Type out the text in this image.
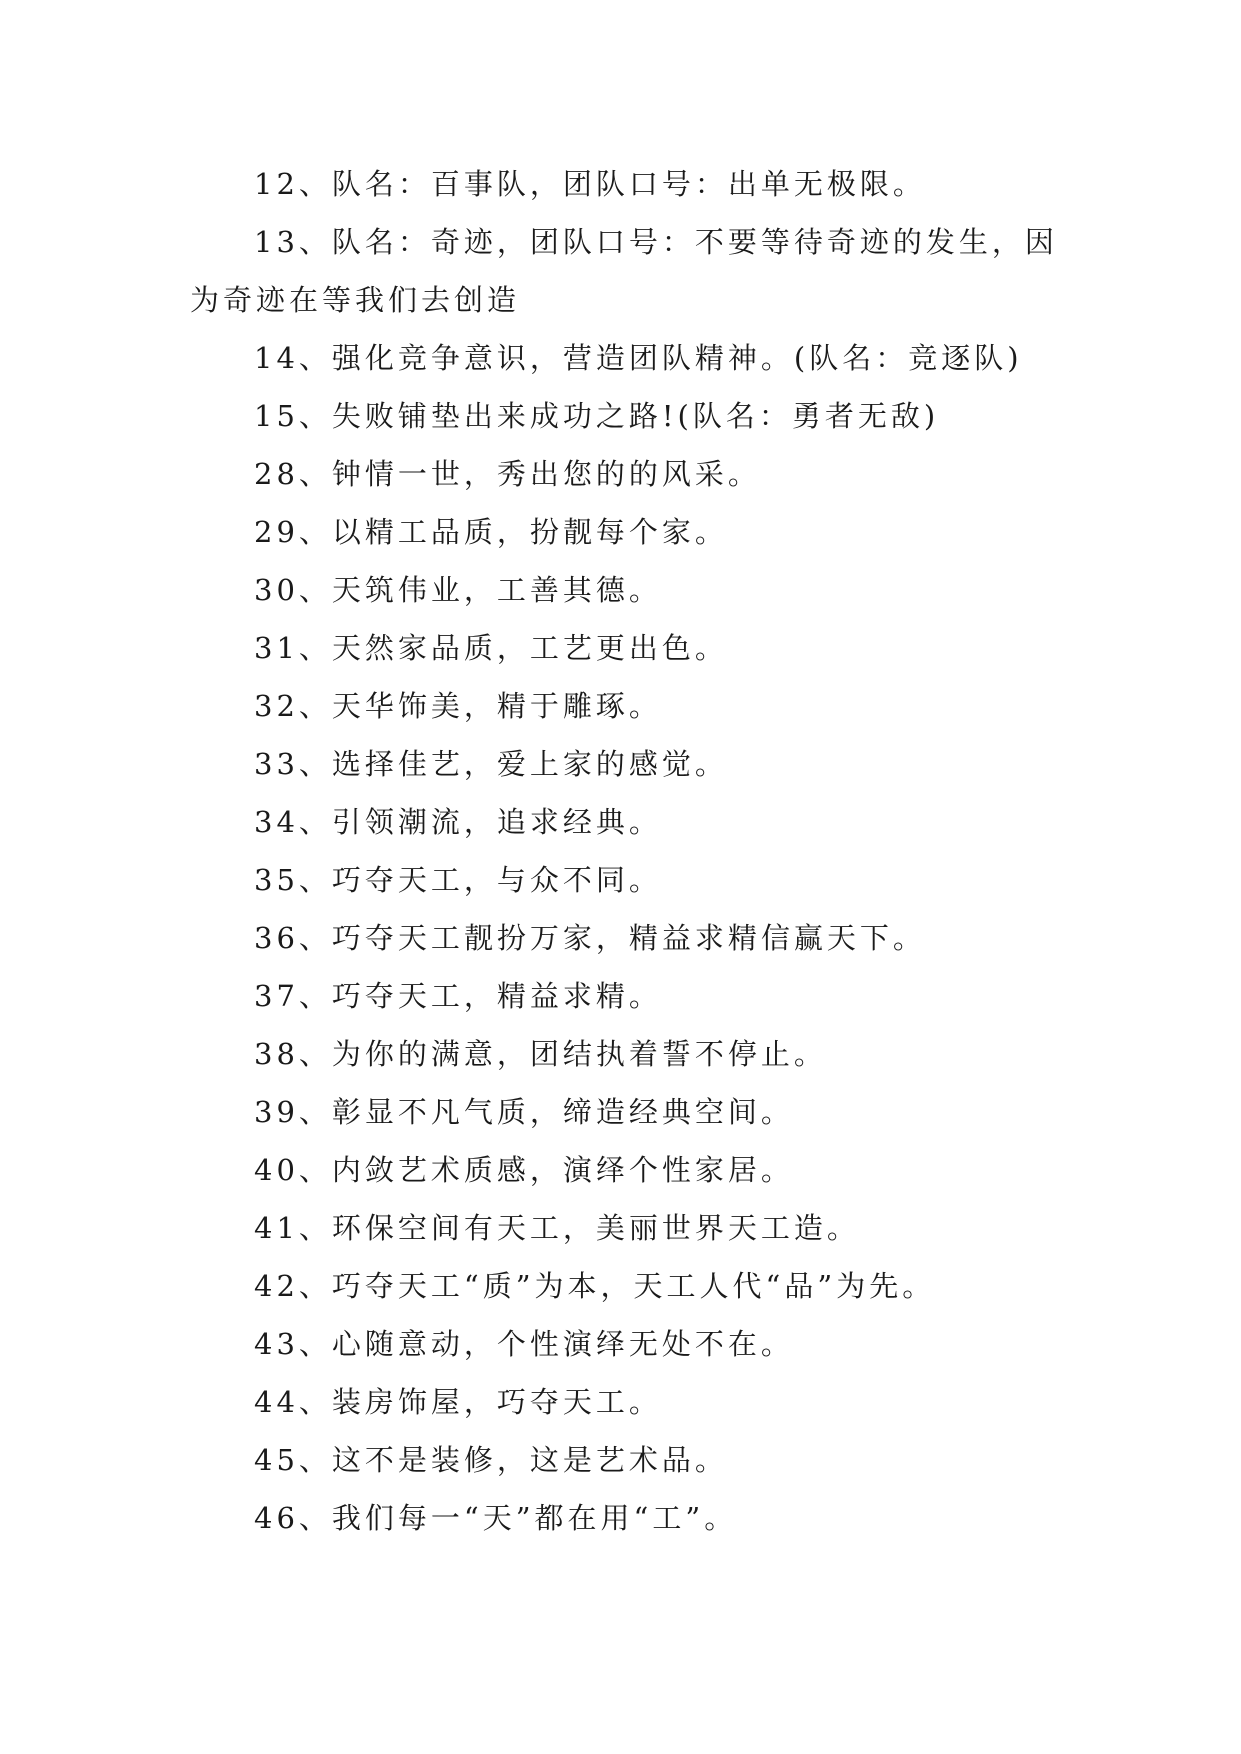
12、队名：百事队，团队口号：出单无极限。
13、队名：奇迹，团队口号：不要等待奇迹的发生，因
为奇迹在等我们去创造
14、强化竞争意识，营造团队精神。(队名：竞逐队)
15、失败铺垫出来成功之路!(队名：勇者无敌)
28、钟情一世，秀出您的的风采。
29、以精工品质，扮靓每个家。
30、天筑伟业，工善其德。
31、天然家品质，工艺更出色。
32、天华饰美，精于雕琢。
33、选择佳艺，爱上家的感觉。
34、引领潮流，追求经典。
35、巧夺天工，与众不同。
36、巧夺天工靓扮万家，精益求精信赢天下。
37、巧夺天工，精益求精。
38、为你的满意，团结执着誓不停止。
39、彰显不凡气质，缔造经典空间。
40、内敛艺术质感，演绎个性家居。
41、环保空间有天工，美丽世界天工造。
42、巧夺天工“质”为本，天工人代“品”为先。
43、心随意动，个性演绎无处不在。
44、装房饰屋，巧夺天工。
45、这不是装修，这是艺术品。
46、我们每一“天”都在用“工”。
